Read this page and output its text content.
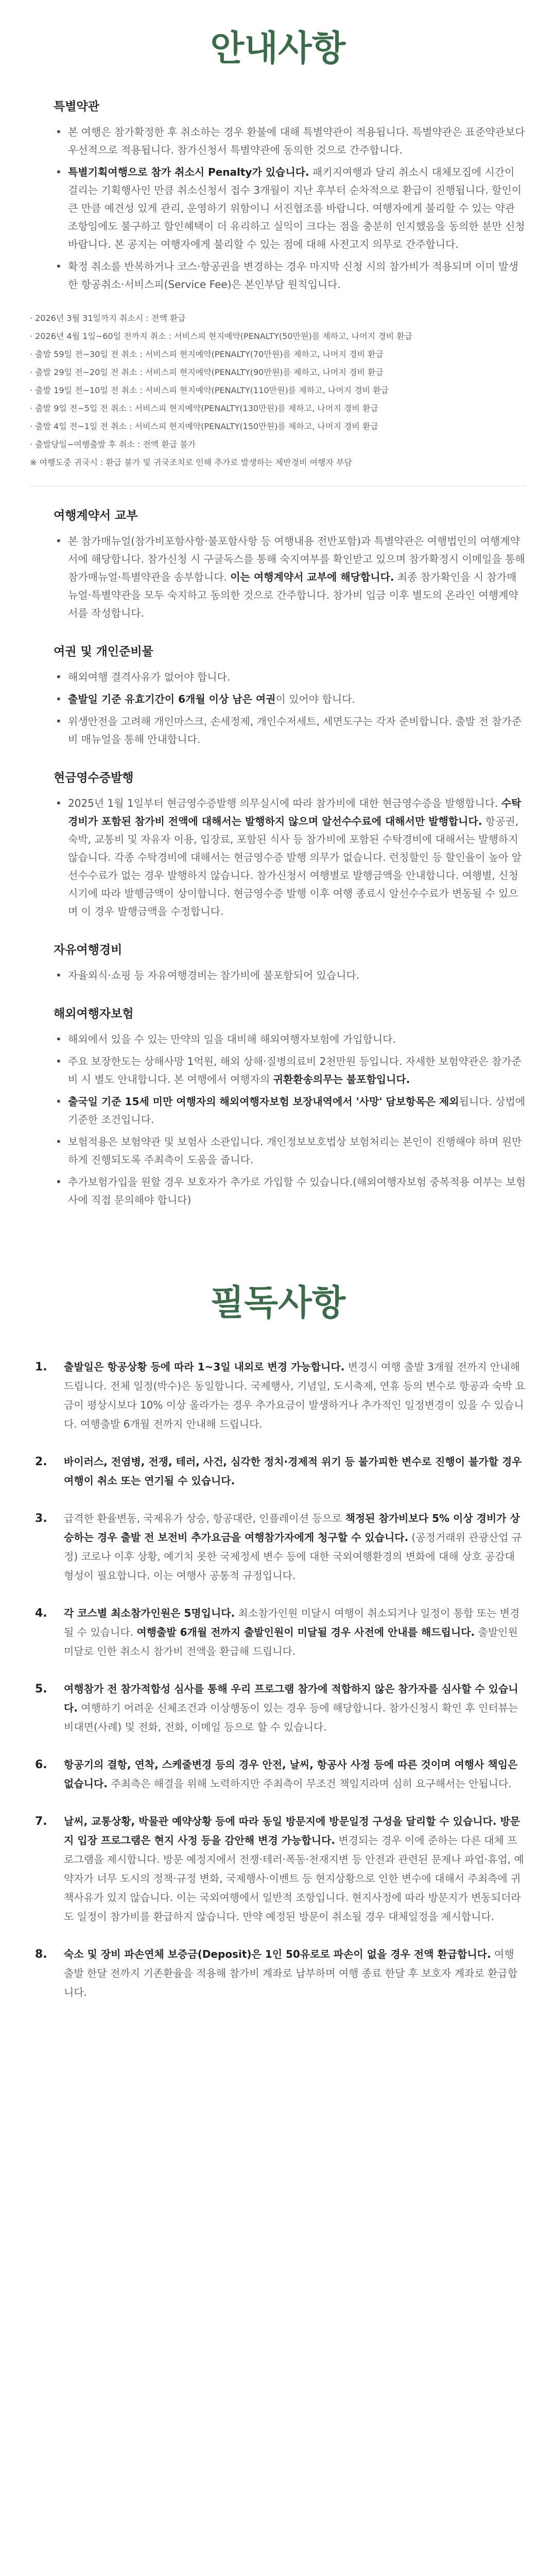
안내사항
특별약관
• 본 여행은 참가확정한 후 취소하는 경우 환불에 대해 특별약관이 적용됩니다. 특별약관은 표준약관보다 우선적으로 적용됩니다. 참가신청서 특별약관에 동의한 것으로 간주합니다.
• 특별기획여행으로 참가 취소시 Penalty가 있습니다. 패키지여행과 달리 취소시 대체모집에 시간이 걸리는 기획행사인 만큼 취소신청서 접수 3개월이 지난 후부터 순차적으로 환급이 진행됩니다. 할인이 큰 만큼 예견성 있게 관리, 운영하기 위함이니 서진협조를 바랍니다. 여행자에게 불리할 수 있는 약관 조항임에도 불구하고 할인혜택이 더 유리하고 실익이 크다는 점을 충분히 인지했음을 동의한 분만 신청 바랍니다. 본 공지는 여행자에게 불리할 수 있는 점에 대해 사전고지 의무로 간주합니다.
• 확정 취소를 반복하거나 코스·항공권을 변경하는 경우 마지막 신청 시의 참가비가 적용되며 이미 발생한 항공취소·서비스피(Service Fee)은 본인부담 원칙입니다.
· 2026년 3월 31일까지 취소시 : 전액 환급
· 2026년 4월 1일~60일 전까지 취소 : 서비스피 현지예약(PENALTY(50만원)를 제하고, 나머지 경비 환급
· 출발 59일 전~30일 전 취소 : 서비스피 현지예약(PENALTY(70만원)를 제하고, 나머지 경비 환급
· 출발 29일 전~20일 전 취소 : 서비스피 현지예약(PENALTY(90만원)를 제하고, 나머지 경비 환급
· 출발 19일 전~10일 전 취소 : 서비스피 현지예약(PENALTY(110만원)를 제하고, 나머지 경비 환급
· 출발 9일 전~5일 전 취소 : 서비스피 현지예약(PENALTY(130만원)를 제하고, 나머지 경비 환급
· 출발 4일 전~1일 전 취소 : 서비스피 현지예약(PENALTY(150만원)를 제하고, 나머지 경비 환급
· 출발당일~여행출발 후 취소 : 전액 환급 불가
※ 여행도중 귀국시 : 환급 불가 및 귀국조치로 인해 추가로 발생하는 제반경비 여행자 부담
여행계약서 교부
• 본 참가매뉴얼(참가비포함사항·불포함사항 등 여행내용 전반포함)과 특별약관은 여행법인의 여행계약서에 해당합니다. 참가신청 시 구글독스를 통해 숙지여부를 확인받고 있으며 참가확정시 이메일을 통해 참가매뉴얼·특별약관을 송부합니다. 이는 여행계약서 교부에 해당합니다. 최종 참가확인을 시 참가매뉴얼·특별약관을 모두 숙지하고 동의한 것으로 간주합니다. 참가비 입금 이후 별도의 온라인 여행계약서를 작성합니다.
여권 및 개인준비물
• 해외여행 결격사유가 없어야 합니다.
• 출발일 기준 유효기간이 6개월 이상 남은 여권이 있어야 합니다.
• 위생안전을 고려해 개인마스크, 손세정제, 개인수저세트, 세면도구는 각자 준비합니다. 출발 전 참가준비 매뉴얼을 통해 안내합니다.
현금영수증발행
• 2025년 1월 1일부터 현금영수증발행 의무실시에 따라 참가비에 대한 현금영수증을 발행합니다. 수탁경비가 포함된 참가비 전액에 대해서는 발행하지 않으며 알선수수료에 대해서만 발행합니다. 항공권, 숙박, 교통비 및 자유자 이용, 입장료, 포함된 식사 등 참가비에 포함된 수탁경비에 대해서는 발행하지 않습니다. 각종 수탁경비에 대해서는 현금영수증 발행 의무가 없습니다. 런칭할인 등 할인율이 높아 알선수수료가 없는 경우 발행하지 않습니다. 참가신청서 여행별로 발행금액을 안내합니다. 여행별, 신청시기에 따라 발행금액이 상이합니다. 현금영수증 발행 이후 여행 종료시 알선수수료가 변동될 수 있으며 이 경우 발행금액을 수정합니다.
자유여행경비
• 자율외식·쇼핑 등 자유여행경비는 참가비에 불포함되어 있습니다.
해외여행자보험
• 해외에서 있을 수 있는 만약의 일을 대비해 해외여행자보험에 가입합니다.
• 주요 보장한도는 상해사망 1억원, 해외 상해·질병의료비 2천만원 등입니다. 자세한 보험약관은 참가준비 시 별도 안내합니다. 본 여행에서 여행자의 귀환환송의무는 불포함입니다.
• 출국일 기준 15세 미만 여행자의 해외여행자보험 보장내역에서 '사망' 담보항목은 제외됩니다. 상법에 기준한 조건입니다.
• 보험적용은 보험약관 및 보험사 소관입니다. 개인정보보호법상 보험처리는 본인이 진행해야 하며 원만하게 진행되도록 주최측이 도움을 줍니다.
• 추가보험가입을 원할 경우 보호자가 추가로 가입할 수 있습니다.(해외여행자보험 중복적용 여부는 보험사에 직접 문의해야 합니다)
필독사항
1. 출발일은 항공상황 등에 따라 1~3일 내외로 변경 가능합니다. 변경시 여행 출발 3개월 전까지 안내해 드립니다. 전체 일정(박수)은 동일합니다. 국제행사, 기념일, 도시축제, 연휴 등의 변수로 항공과 숙박 요금이 평상시보다 10% 이상 올라가는 경우 추가요금이 발생하거나 추가적인 일정변경이 있을 수 있습니다. 여행출발 6개월 전까지 안내해 드립니다.
2. 바이러스, 전염병, 전쟁, 테러, 사건, 심각한 정치·경제적 위기 등 불가피한 변수로 진행이 불가할 경우 여행이 취소 또는 연기될 수 있습니다.
3. 급격한 환율변동, 국제유가 상승, 항공대란, 인플레이션 등으로 책정된 참가비보다 5% 이상 경비가 상승하는 경우 출발 전 보전비 추가요금을 여행참가자에게 청구할 수 있습니다. (공정거래위 관광산업 규정) 코로나 이후 상황, 예기치 못한 국제정세 변수 등에 대한 국외여행환경의 변화에 대해 상호 공감대 형성이 필요합니다. 이는 여행사 공통적 규정입니다.
4. 각 코스별 최소참가인원은 5명입니다. 최소참가인원 미달시 여행이 취소되거나 일정이 통합 또는 변경될 수 있습니다. 여행출발 6개월 전까지 출발인원이 미달될 경우 사전에 안내를 해드립니다. 출발인원 미달로 인한 취소시 참가비 전액을 환급해 드립니다.
5. 여행참가 전 참가적합성 심사를 통해 우리 프로그램 참가에 적합하지 않은 참가자를 심사할 수 있습니다. 여행하기 어려운 신체조건과 이상행동이 있는 경우 등에 해당합니다. 참가신청시 확인 후 인터뷰는 비대면(사례) 및 전화, 전화, 이메일 등으로 할 수 있습니다.
6. 항공기의 결항, 연착, 스케줄변경 등의 경우 안전, 날씨, 항공사 사정 등에 따른 것이며 여행사 책임은 없습니다. 주최측은 해결을 위해 노력하지만 주최측이 무조건 책임지라며 심히 요구해서는 안됩니다.
7. 날씨, 교통상황, 박물관 예약상황 등에 따라 동일 방문지에 방문일정 구성을 달리할 수 있습니다. 방문지 입장 프로그램은 현지 사정 등을 감안해 변경 가능합니다. 변경되는 경우 이에 준하는 다른 대체 프로그램을 제시합니다. 방문 예정지에서 전쟁·테러·폭동·천재지변 등 안전과 관련된 문제나 파업·휴업, 예약자가 너무 도시의 정책·규정 변화, 국제행사·이벤트 등 현지상황으로 인한 변수에 대해서 주최측에 귀책사유가 있지 않습니다. 이는 국외여행에서 일반적 조항입니다. 현지사정에 따라 방문지가 변동되더라도 일정이 참가비를 환급하지 않습니다. 만약 예정된 방문이 취소될 경우 대체일정을 제시합니다.
8. 숙소 및 장비 파손연체 보증금(Deposit)은 1인 50유로로 파손이 없을 경우 전액 환급합니다. 여행 출발 한달 전까지 기존환율을 적용해 참가비 계좌로 납부하며 여행 종료 한달 후 보호자 계좌로 환급합니다.
